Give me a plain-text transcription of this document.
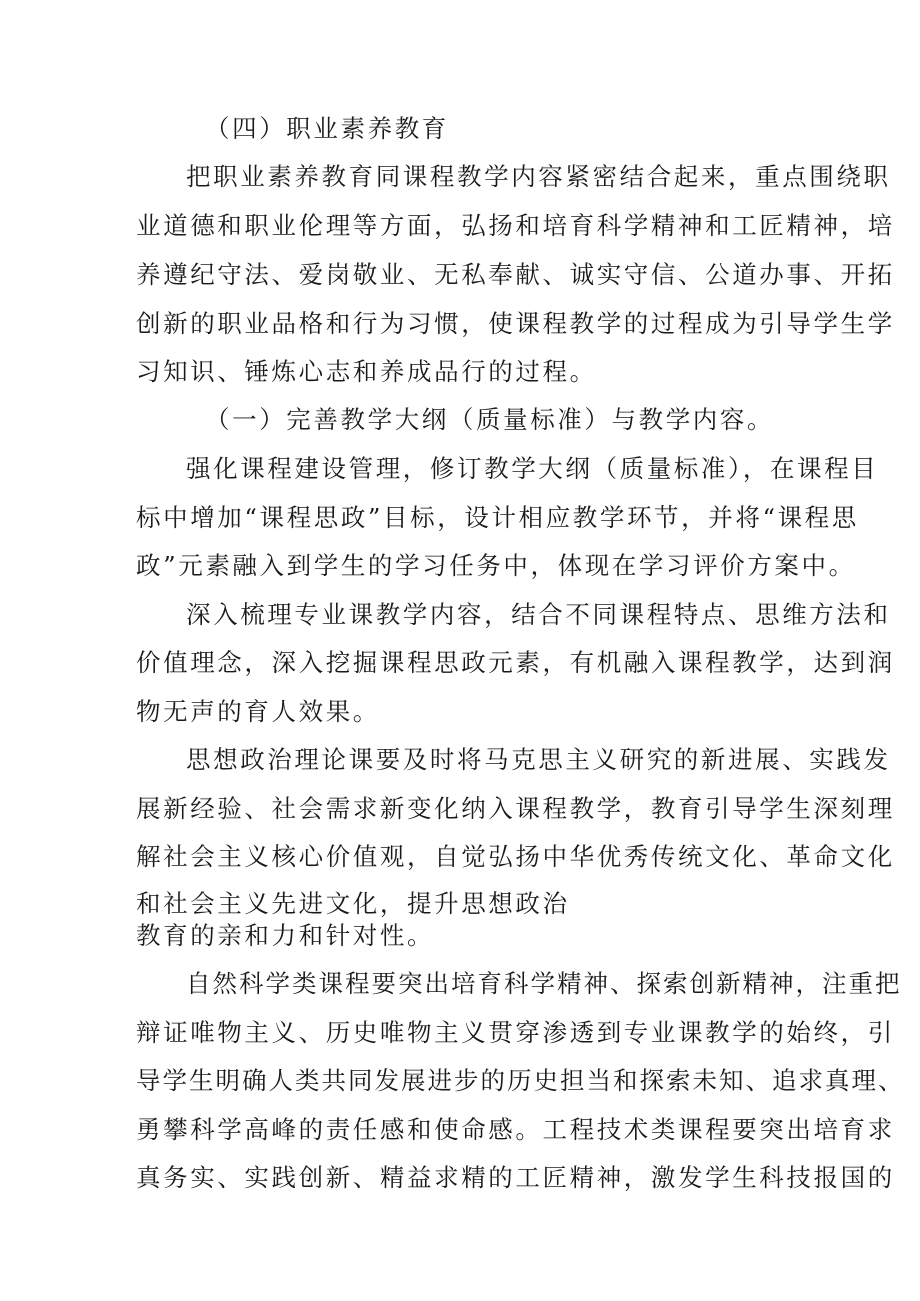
（四）职业素养教育
把职业素养教育同课程教学内容紧密结合起来，重点围绕职
业道德和职业伦理等方面，弘扬和培育科学精神和工匠精神，培
养遵纪守法、爱岗敬业、无私奉献、诚实守信、公道办事、开拓
创新的职业品格和行为习惯，使课程教学的过程成为引导学生学
习知识、锤炼心志和养成品行的过程。
（一）完善教学大纲（质量标准）与教学内容。
强化课程建设管理，修订教学大纲（质量标准），在课程目
标中增加“课程思政”目标，设计相应教学环节，并将“课程思
政”元素融入到学生的学习任务中，体现在学习评价方案中。
深入梳理专业课教学内容，结合不同课程特点、思维方法和
价值理念，深入挖掘课程思政元素，有机融入课程教学，达到润
物无声的育人效果。
思想政治理论课要及时将马克思主义研究的新进展、实践发
展新经验、社会需求新变化纳入课程教学，教育引导学生深刻理
解社会主义核心价值观，自觉弘扬中华优秀传统文化、革命文化
和社会主义先进文化，提升思想政治
教育的亲和力和针对性。
自然科学类课程要突出培育科学精神、探索创新精神，注重把
辩证唯物主义、历史唯物主义贯穿渗透到专业课教学的始终，引
导学生明确人类共同发展进步的历史担当和探索未知、追求真理、
勇攀科学高峰的责任感和使命感。工程技术类课程要突出培育求
真务实、实践创新、精益求精的工匠精神，激发学生科技报国的
